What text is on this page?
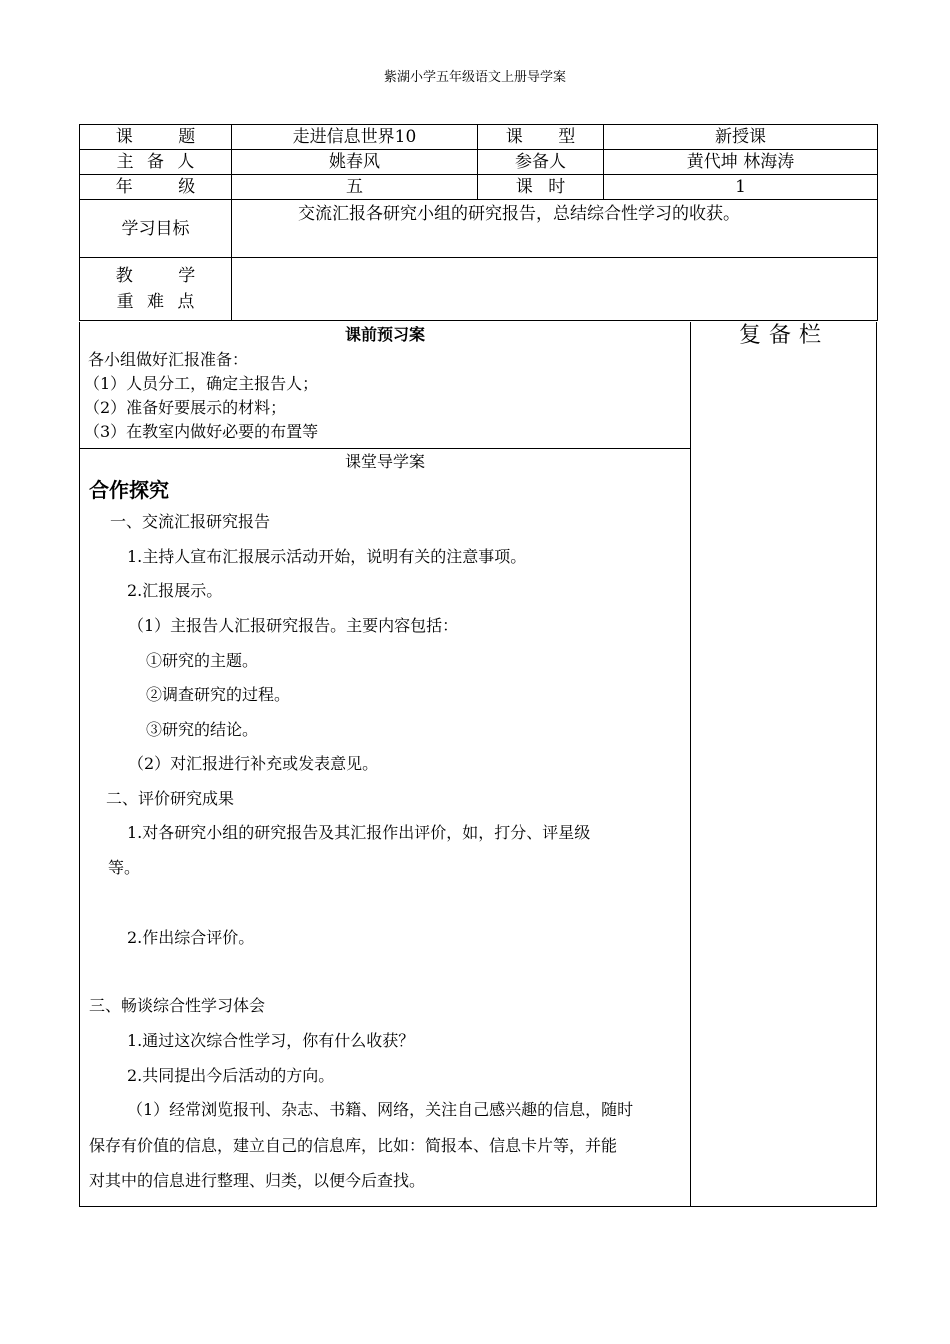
紫湖小学五年级语文上册导学案
课 题	走进信息世界10	课 型	新授课
主 备 人	姚春风	参备人	黄代坤 林海涛
年 级	五	课 时	1
学习目标	交流汇报各研究小组的研究报告，总结综合性学习的收获。		

教 学
重 难 点			

课前预习案
各小组做好汇报准备：
（1）人员分工，确定主报告人；
（2）准备好要展示的材料；
（3）在教室内做好必要的布置等
课堂导学案
合作探究
一、交流汇报研究报告
1.主持人宣布汇报展示活动开始，说明有关的注意事项。
2.汇报展示。
（1）主报告人汇报研究报告。主要内容包括：
①研究的主题。
②调查研究的过程。
③研究的结论。
（2）对汇报进行补充或发表意见。
二、评价研究成果
1.对各研究小组的研究报告及其汇报作出评价，如，打分、评星级
等。
2.作出综合评价。
三、畅谈综合性学习体会
1.通过这次综合性学习，你有什么收获？
2.共同提出今后活动的方向。
（1）经常浏览报刊、杂志、书籍、网络，关注自己感兴趣的信息，随时
保存有价值的信息，建立自己的信息库，比如：简报本、信息卡片等，并能
对其中的信息进行整理、归类，以便今后查找。
复备栏
